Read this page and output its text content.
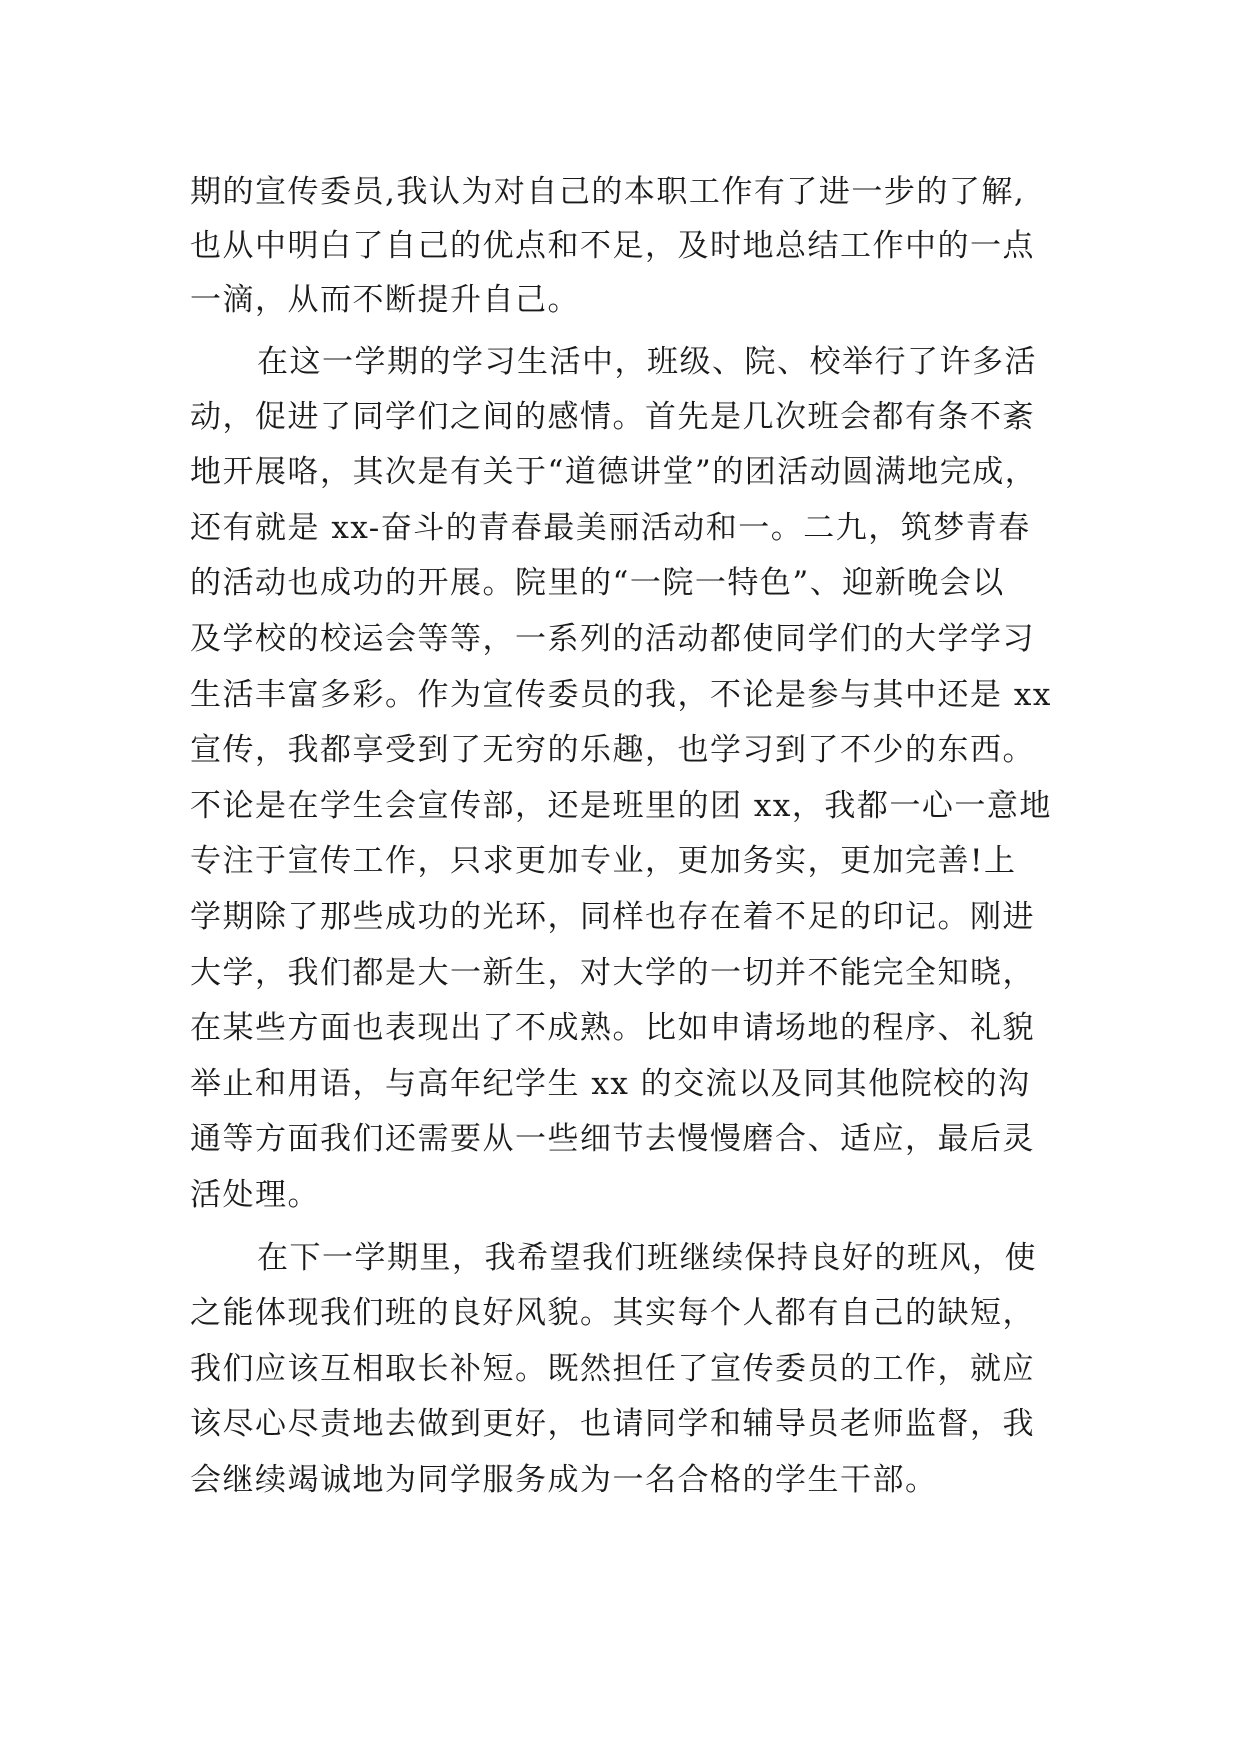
期的宣传委员,我认为对自己的本职工作有了进一步的了解,
也从中明白了自己的优点和不足，及时地总结工作中的一点
一滴，从而不断提升自己。
在这一学期的学习生活中，班级、院、校举行了许多活
动，促进了同学们之间的感情。首先是几次班会都有条不紊
地开展咯，其次是有关于“道德讲堂”的团活动圆满地完成，
还有就是 xx-奋斗的青春最美丽活动和一。二九，筑梦青春
的活动也成功的开展。院里的“一院一特色”、迎新晚会以
及学校的校运会等等，一系列的活动都使同学们的大学学习
生活丰富多彩。作为宣传委员的我，不论是参与其中还是 xx
宣传，我都享受到了无穷的乐趣，也学习到了不少的东西。
不论是在学生会宣传部，还是班里的团 xx，我都一心一意地
专注于宣传工作，只求更加专业，更加务实，更加完善!上
学期除了那些成功的光环，同样也存在着不足的印记。刚进
大学，我们都是大一新生，对大学的一切并不能完全知晓，
在某些方面也表现出了不成熟。比如申请场地的程序、礼貌
举止和用语，与高年纪学生 xx 的交流以及同其他院校的沟
通等方面我们还需要从一些细节去慢慢磨合、适应，最后灵
活处理。
在下一学期里，我希望我们班继续保持良好的班风，使
之能体现我们班的良好风貌。其实每个人都有自己的缺短，
我们应该互相取长补短。既然担任了宣传委员的工作，就应
该尽心尽责地去做到更好，也请同学和辅导员老师监督，我
会继续竭诚地为同学服务成为一名合格的学生干部。
